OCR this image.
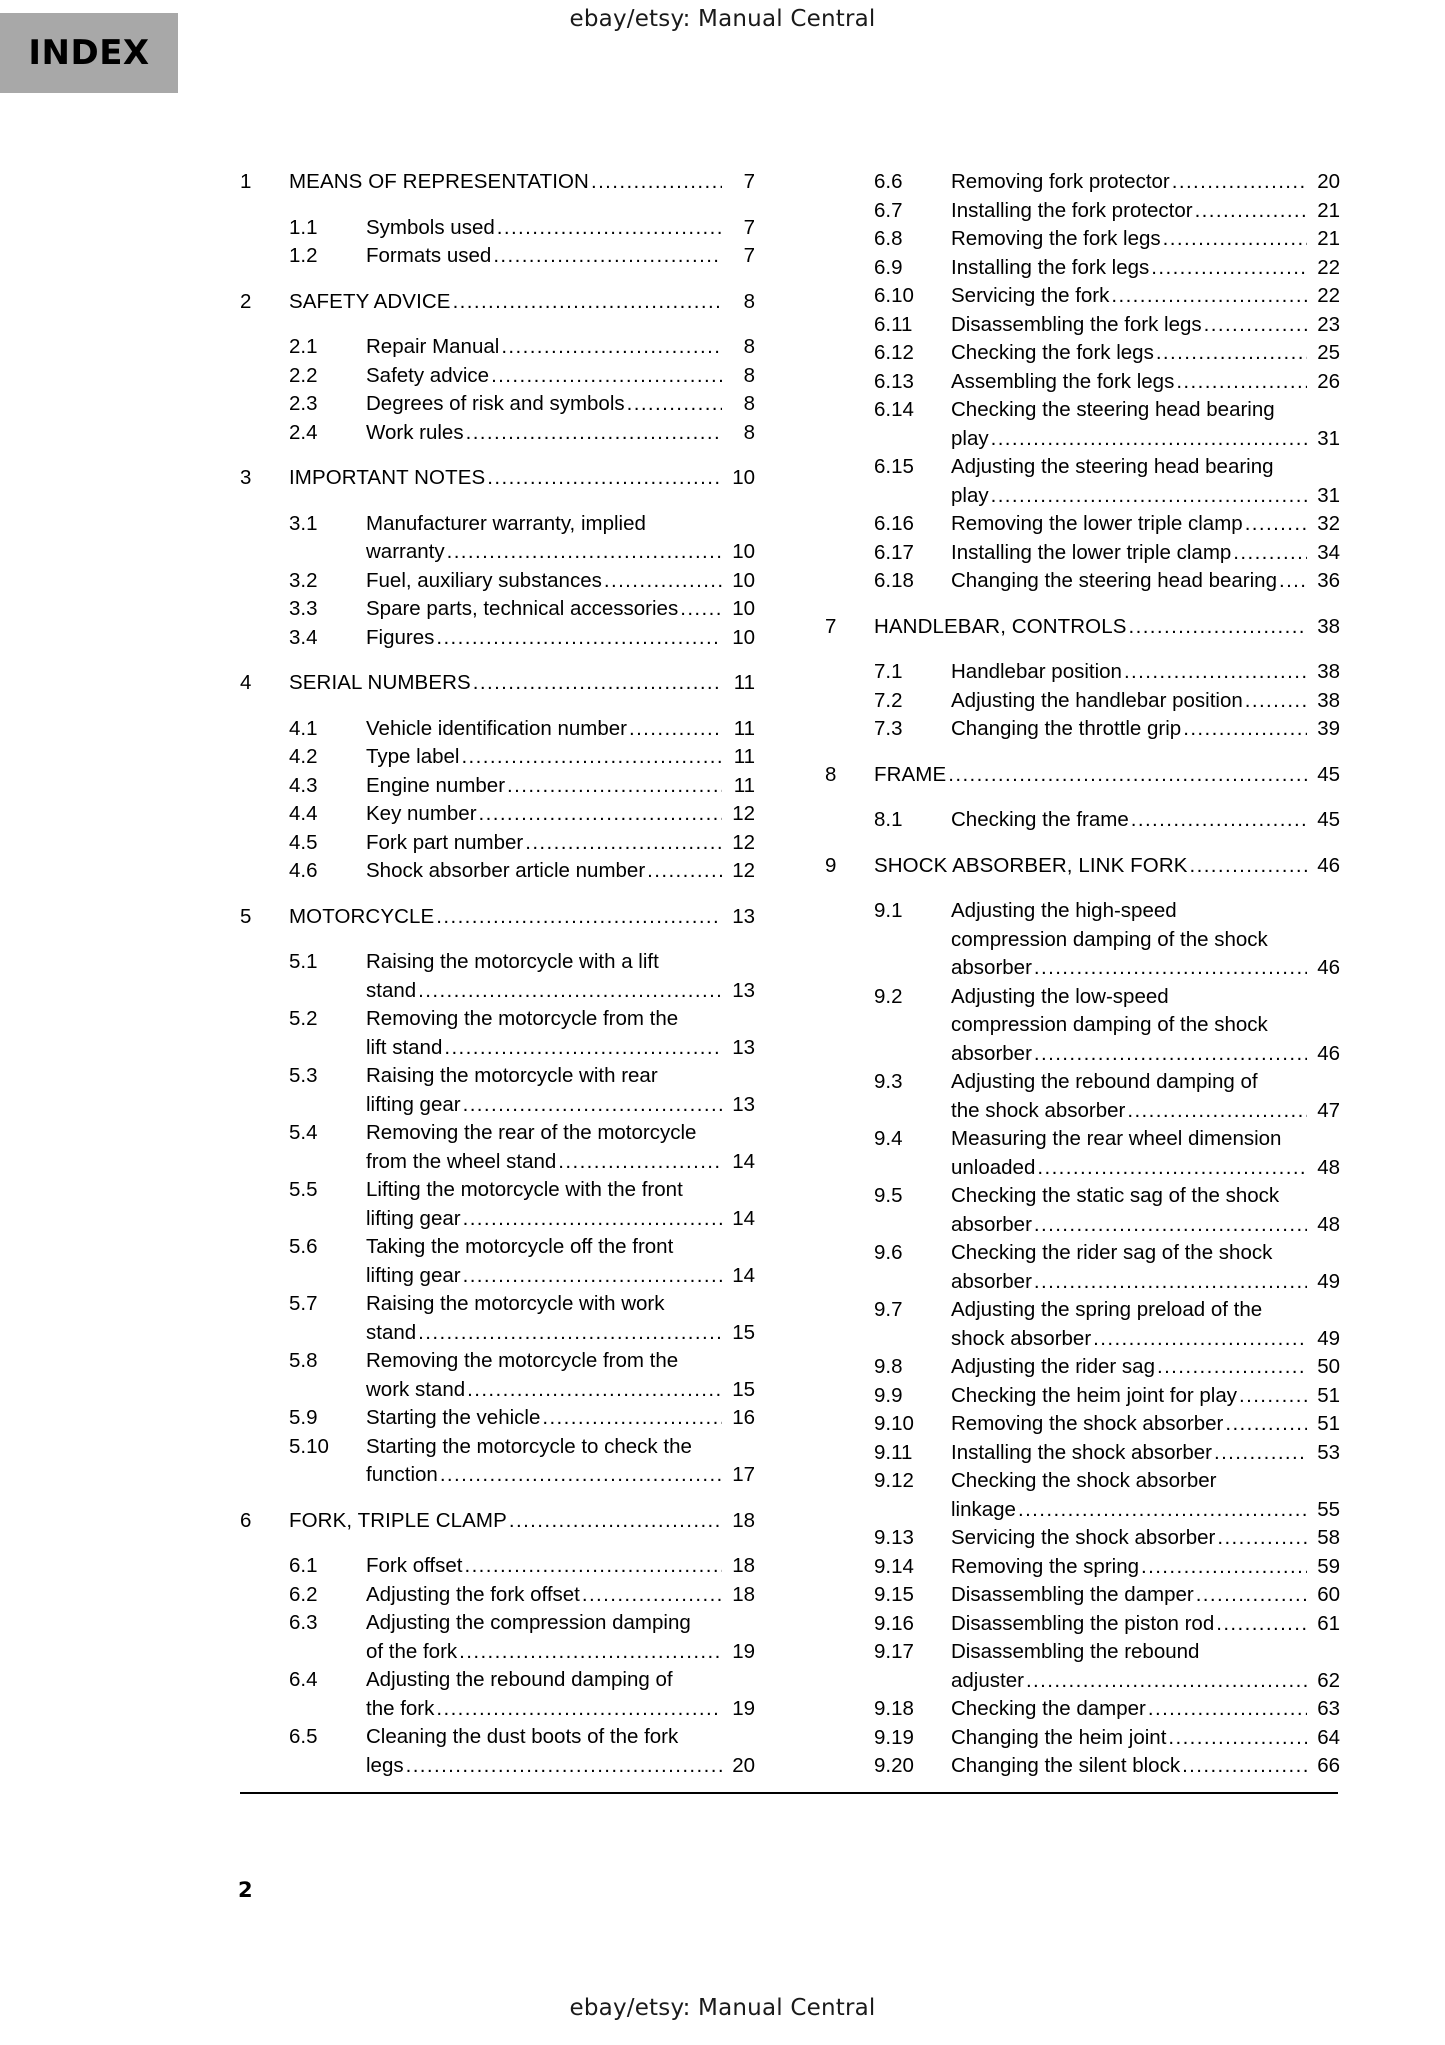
ebay/etsy: Manual Central
INDEX
1	MEANS OF REPRESENTATION .....	7
1.1	Symbols used .....	7
1.2	Formats used .....	7
2	SAFETY ADVICE .....	8
2.1	Repair Manual .....	8
2.2	Safety advice .....	8
2.3	Degrees of risk and symbols .....	8
2.4	Work rules .....	8
3	IMPORTANT NOTES .....	10
3.1	Manufacturer warranty, implied
warranty .....	10
3.2	Fuel, auxiliary substances .....	10
3.3	Spare parts, technical accessories .....	10
3.4	Figures .....	10
4	SERIAL NUMBERS .....	11
4.1	Vehicle identification number .....	11
4.2	Type label .....	11
4.3	Engine number .....	11
4.4	Key number .....	12
4.5	Fork part number .....	12
4.6	Shock absorber article number .....	12
5	MOTORCYCLE .....	13
5.1	Raising the motorcycle with a lift
stand .....	13
5.2	Removing the motorcycle from the
lift stand .....	13
5.3	Raising the motorcycle with rear
lifting gear .....	13
5.4	Removing the rear of the motorcycle
from the wheel stand .....	14
5.5	Lifting the motorcycle with the front
lifting gear .....	14
5.6	Taking the motorcycle off the front
lifting gear .....	14
5.7	Raising the motorcycle with work
stand .....	15
5.8	Removing the motorcycle from the
work stand .....	15
5.9	Starting the vehicle .....	16
5.10	Starting the motorcycle to check the
function .....	17
6	FORK, TRIPLE CLAMP .....	18
6.1	Fork offset .....	18
6.2	Adjusting the fork offset .....	18
6.3	Adjusting the compression damping
of the fork .....	19
6.4	Adjusting the rebound damping of
the fork .....	19
6.5	Cleaning the dust boots of the fork
legs .....	20
6.6	Removing fork protector .....	20
6.7	Installing the fork protector .....	21
6.8	Removing the fork legs .....	21
6.9	Installing the fork legs .....	22
6.10	Servicing the fork .....	22
6.11	Disassembling the fork legs .....	23
6.12	Checking the fork legs .....	25
6.13	Assembling the fork legs .....	26
6.14	Checking the steering head bearing
play .....	31
6.15	Adjusting the steering head bearing
play .....	31
6.16	Removing the lower triple clamp .....	32
6.17	Installing the lower triple clamp .....	34
6.18	Changing the steering head bearing ..... 36
7	HANDLEBAR, CONTROLS .....	38
7.1	Handlebar position .....	38
7.2	Adjusting the handlebar position .....	38
7.3	Changing the throttle grip .....	39
8	FRAME .....	45
8.1	Checking the frame .....	45
9	SHOCK ABSORBER, LINK FORK .....	46
9.1	Adjusting the high-speed
compression damping of the shock
absorber .....	46
9.2	Adjusting the low-speed
compression damping of the shock
absorber .....	46
9.3	Adjusting the rebound damping of
the shock absorber .....	47
9.4	Measuring the rear wheel dimension
unloaded .....	48
9.5	Checking the static sag of the shock
absorber .....	48
9.6	Checking the rider sag of the shock
absorber .....	49
9.7	Adjusting the spring preload of the
shock absorber .....	49
9.8	Adjusting the rider sag .....	50
9.9	Checking the heim joint for play .....	51
9.10	Removing the shock absorber .....	51
9.11	Installing the shock absorber .....	53
9.12	Checking the shock absorber
linkage .....	55
9.13	Servicing the shock absorber .....	58
9.14	Removing the spring .....	59
9.15	Disassembling the damper .....	60
9.16	Disassembling the piston rod .....	61
9.17	Disassembling the rebound
adjuster .....	62
9.18	Checking the damper .....	63
9.19	Changing the heim joint .....	64
9.20	Changing the silent block .....	66
2
ebay/etsy: Manual Central
